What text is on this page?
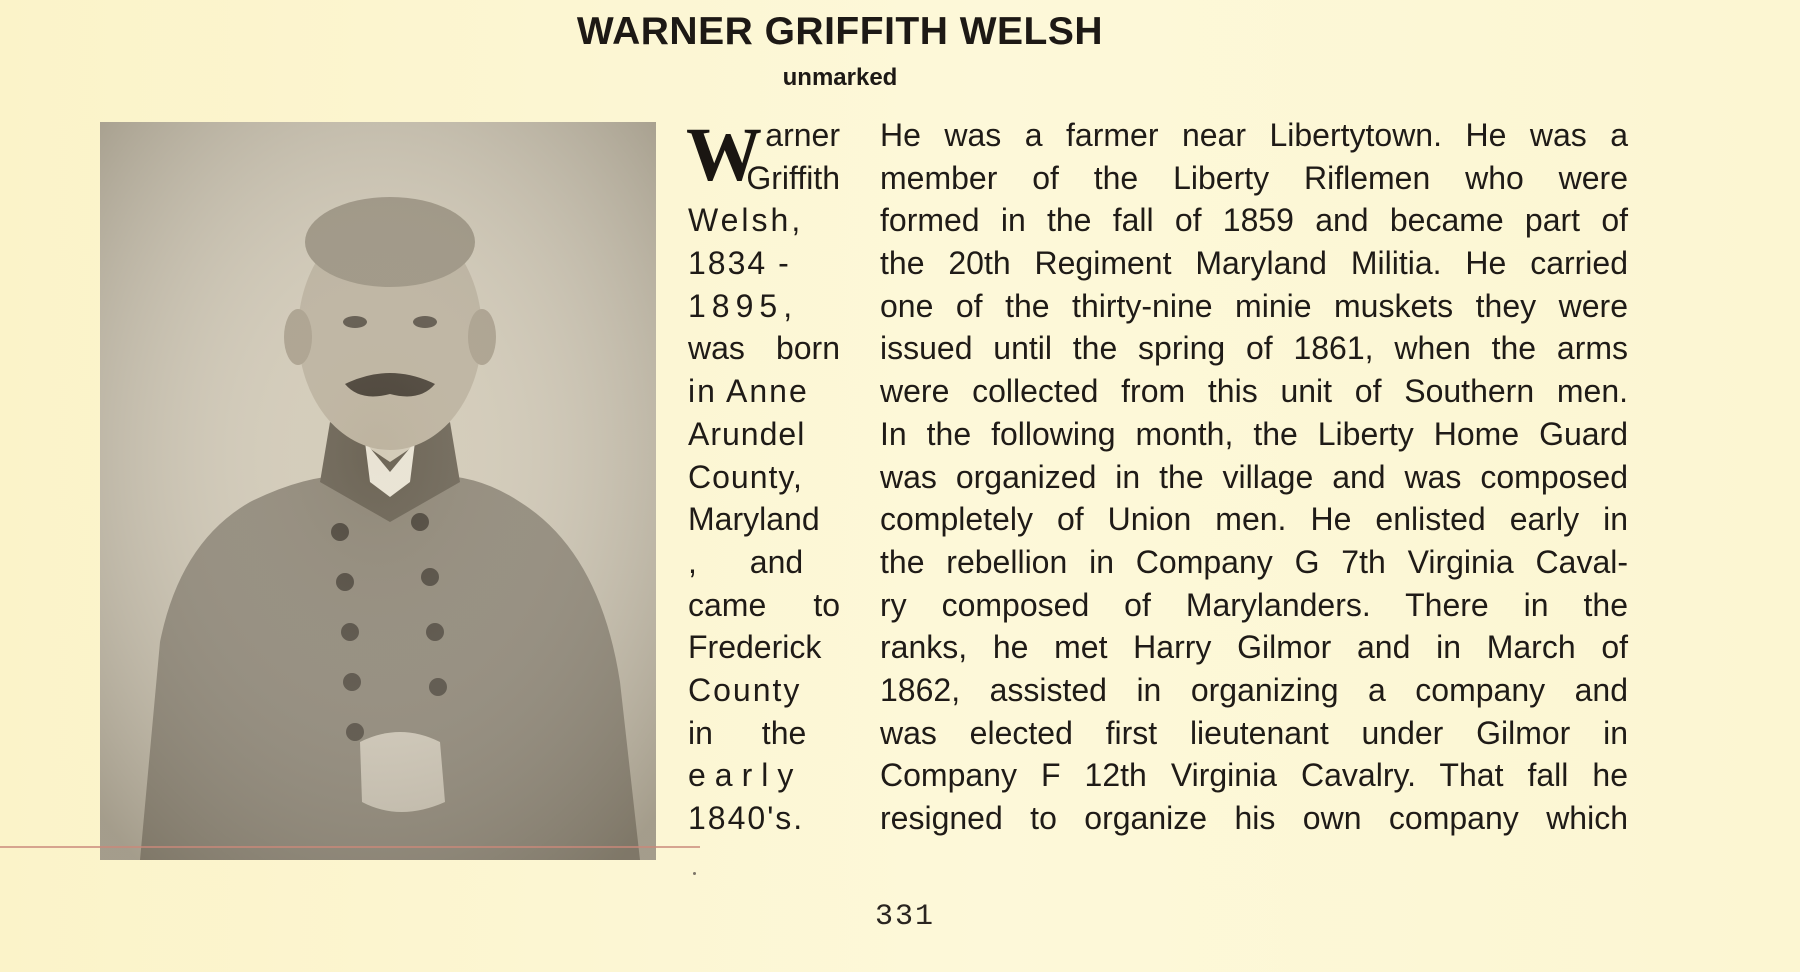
WARNER GRIFFITH WELSH
unmarked
W arner
Griffith
Welsh,
1834 -
1895,
was born
in Anne
Arundel
County,
Maryland
, and
came to
Frederick
County
in the
early
1840's.
He was a farmer near Libertytown. He was a
member of the Liberty Riflemen who were
formed in the fall of 1859 and became part of
the 20th Regiment Maryland Militia. He carried
one of the thirty-nine minie muskets they were
issued until the spring of 1861, when the arms
were collected from this unit of Southern men.
In the following month, the Liberty Home Guard
was organized in the village and was composed
completely of Union men. He enlisted early in
the rebellion in Company G 7th Virginia Caval-
ry composed of Marylanders. There in the
ranks, he met Harry Gilmor and in March of
1862, assisted in organizing a company and
was elected first lieutenant under Gilmor in
Company F 12th Virginia Cavalry. That fall he
resigned to organize his own company which
331
